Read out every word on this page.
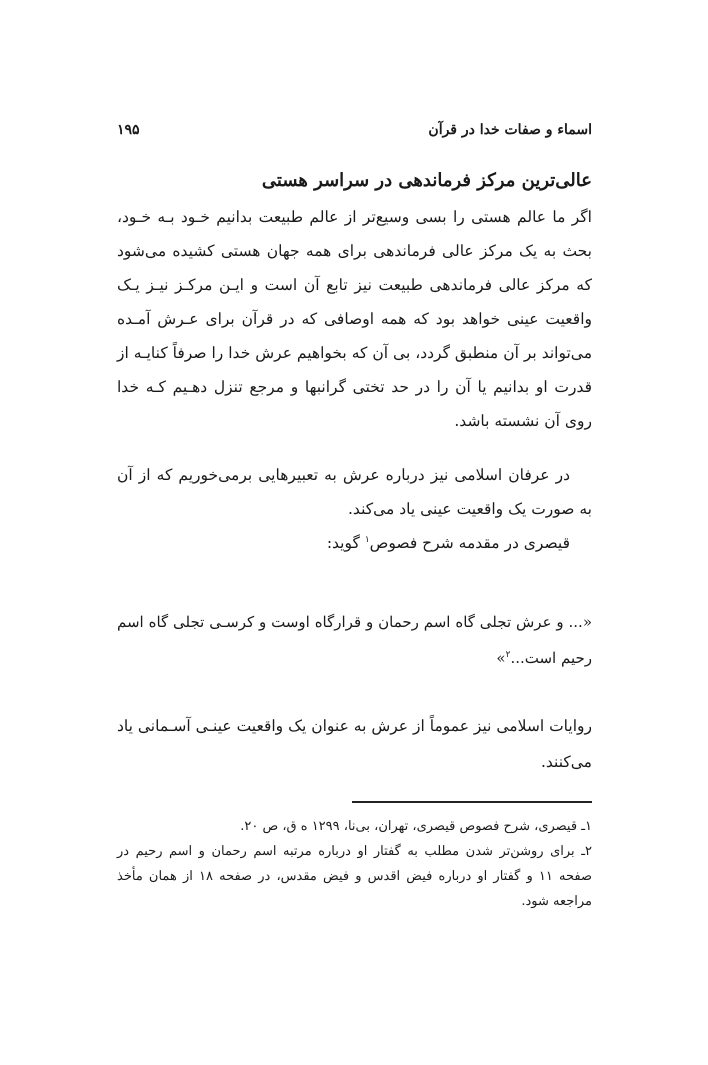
اسماء و صفات خدا در قرآن
۱۹۵
عالی‌ترین مرکز فرماندهی در سراسر هستی
اگر ما عالم هستی را بسی وسیع‌تر از عالم طبیعت بدانیم خـود بـه خـود، بحث به یک مرکز عالی فرماندهی برای همه جهان هستی کشیده می‌شود که مرکز عالی فرماندهی طبیعت نیز تابع آن است و ایـن مرکـز نیـز یـک واقعیت عینی خواهد بود که همه اوصافی که در قرآن برای عـرش آمـده می‌تواند بر آن منطبق گردد، بی آن که بخواهیم عرش خدا را صرفاً کنایـه از قدرت او بدانیم یا آن را در حد تختی گرانبها و مرجع تنزل دهـیم کـه خدا روی آن نشسته باشد.
در عرفان اسلامی نیز درباره عرش به تعبیرهایی برمی‌خوریم که از آن به صورت یک واقعیت عینی یاد می‌کند.
قیصری در مقدمه شرح فصوص$^۱$ گوید:
«... و عرش تجلی گاه اسم رحمان و قرارگاه اوست و کرسـی تجلی گاه اسم رحیم است...$^۲$»
روایات اسلامی نیز عموماً از عرش به عنوان یک واقعیت عینـی آسـمانی یاد می‌کنند.

۱ـ قیصری، شرح فصوص قیصری، تهران، بی‌نا، ۱۲۹۹ ه ق، ص ۲۰.

۲ـ برای روشن‌تر شدن مطلب به گفتار او درباره مرتبه اسم رحمان و اسم رحیم در صفحه ۱۱ و گفتار او درباره فیض اقدس و فیض مقدس، در صفحه ۱۸ از همان مأخذ مراجعه شود.
